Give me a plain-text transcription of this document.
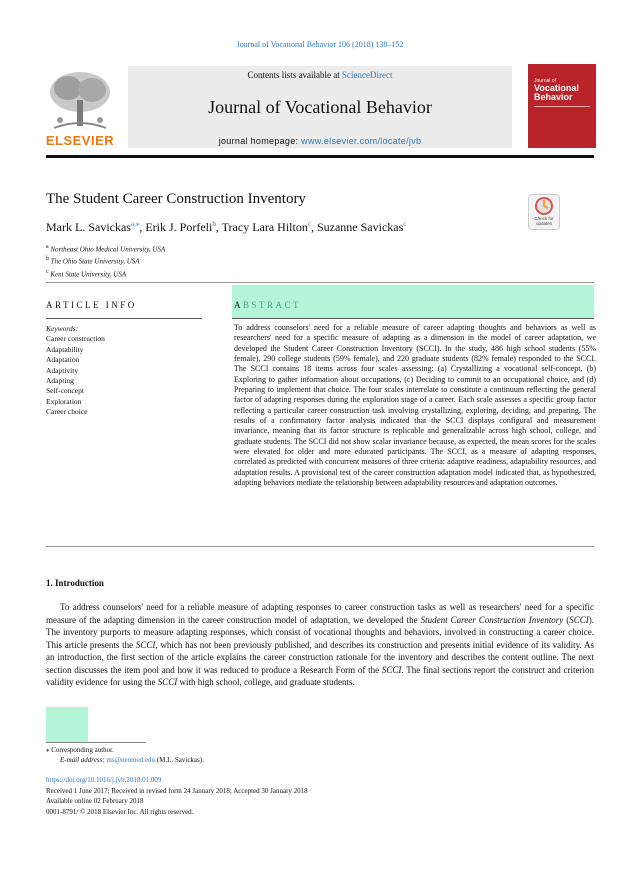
Journal of Vocational Behavior 106 (2018) 138–152
ELSEVIER
Contents lists available at ScienceDirect
Journal of Vocational Behavior
journal homepage: www.elsevier.com/locate/jvb
Journal of
Vocational
Behavior
The Student Career Construction Inventory
Check for
updates
Mark L. Savickas$^{a,⁎}$, Erik J. Porfeli$^b$, Tracy Lara Hilton$^c$, Suzanne Savickas$^c$
$^a$ Northeast Ohio Medical University, USA
$^b$ The Ohio State University, USA
$^c$ Kent State University, USA
ARTICLE INFO	ABSTRACT
Keywords:
Career construction
Adaptability
Adaptation
Adaptivity
Adapting
Self-concept
Exploration
Career choice
To address counselors' need for a reliable measure of career adapting thoughts and behaviors as well as researchers' need for a specific measure of adapting as a dimension in the model of career adaptation, we developed the Student Career Construction Inventory (SCCI). In the study, 486 high school students (55% female), 290 college students (59% female), and 220 graduate students (82% female) responded to the SCCI. The SCCI contains 18 items across four scales assessing: (a) Crystallizing a vocational self-concept, (b) Exploring to gather information about occupations, (c) Deciding to commit to an occupational choice, and (d) Preparing to implement that choice. The four scales interrelate to constitute a continuum reflecting the general factor of adapting responses during the exploration stage of a career. Each scale assesses a specific group factor reflecting a particular career construction task involving crystallizing, exploring, deciding, and preparing. The results of a confirmatory factor analysis indicated that the SCCI displays configural and measurement invariance, meaning that its factor structure is replicable and generalizable across high school, college, and graduate students. The SCCI did not show scalar invariance because, as expected, the mean scores for the scales were elevated for older and more educated participants. The SCCI, as a measure of adapting responses, correlated as predicted with concurrent measures of three criteria: adaptive readiness, adaptability resources, and adaptation results. A provisional test of the career construction adaptation model indicated that, as hypothesized, adapting behaviors mediate the relationship between adaptability resources and adaptation outcomes.
1. Introduction
To address counselors' need for a reliable measure of adapting responses to career construction tasks as well as researchers' need for a specific measure of the adapting dimension in the career construction model of adaptation, we developed the Student Career Construction Inventory (SCCI). The inventory purports to measure adapting responses, which consist of vocational thoughts and behaviors, involved in constructing a career choice. This article presents the SCCI, which has not been previously published, and describes its construction and presents initial evidence of its validity. As an introduction, the first section of the article explains the career construction rationale for the inventory and describes the content outline. The next section discusses the item pool and how it was reduced to produce a Research Form of the SCCI. The final sections report the construct and criterion validity evidence for using the SCCI with high school, college, and graduate students.
⁎ Corresponding author.
E-mail address: ms@neomed.edu (M.L. Savickas).
https://doi.org/10.1016/j.jvb.2018.01.009
Received 1 June 2017; Received in revised form 24 January 2018; Accepted 30 January 2018
Available online 02 February 2018
0001-8791/ © 2018 Elsevier Inc. All rights reserved.
